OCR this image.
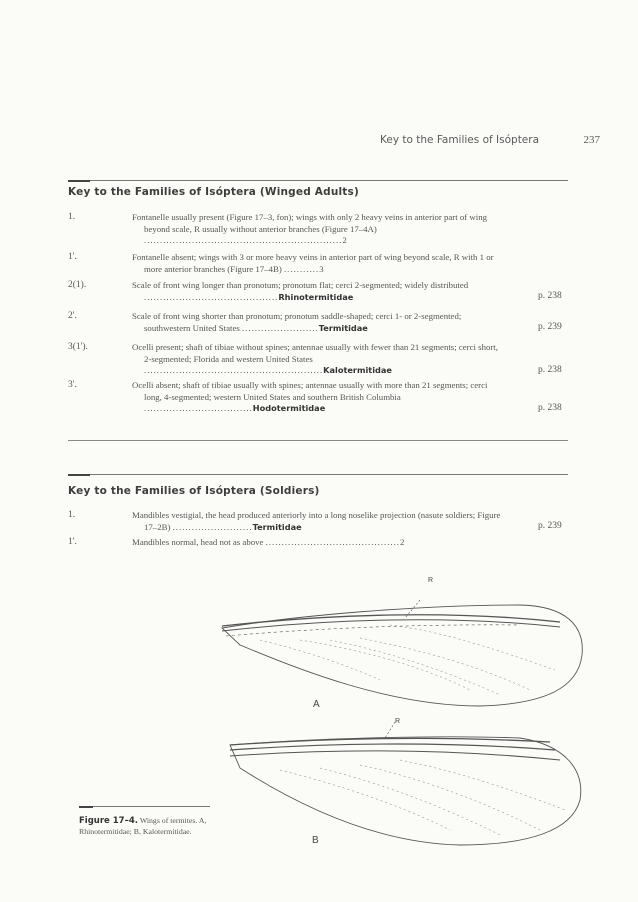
Key to the Families of Isóptera	237
Key to the Families of Isóptera (Winged Adults)
1.	Fontanelle usually present (Figure 17–3, fon); wings with only 2 heavy veins in anterior part of wing beyond scale, R usually without anterior branches (Figure 17–4A) ..............................................................2
1'.	Fontanelle absent; wings with 3 or more heavy veins in anterior part of wing beyond scale, R with 1 or more anterior branches (Figure 17–4B) ...........3
2(1).	Scale of front wing longer than pronotum; pronotum flat; cerci 2-segmented; widely distributed ..........................................Rhinotermitidae	p. 238
2'.	Scale of front wing shorter than pronotum; pronotum saddle-shaped; cerci 1- or 2-segmented; southwestern United States ........................Termitidae	p. 239
3(1').	Ocelli present; shaft of tibiae without spines; antennae usually with fewer than 21 segments; cerci short, 2-segmented; Florida and western United States ........................................................Kalotermitidae	p. 238
3'.	Ocelli absent; shaft of tibiae usually with spines; antennae usually with more than 21 segments; cerci long, 4-segmented; western United States and southern British Columbia ..................................Hodotermitidae	p. 238
Key to the Families of Isóptera (Soldiers)
1.	Mandibles vestigial, the head produced anteriorly into a long noselike projection (nasute soldiers; Figure 17–2B) .........................Termitidae	p. 239
1'.	Mandibles normal, head not as above ..........................................2
A
R
B
R
Figure 17–4. Wings of termites. A, Rhinotermitidae; B, Kalotermitidae.
